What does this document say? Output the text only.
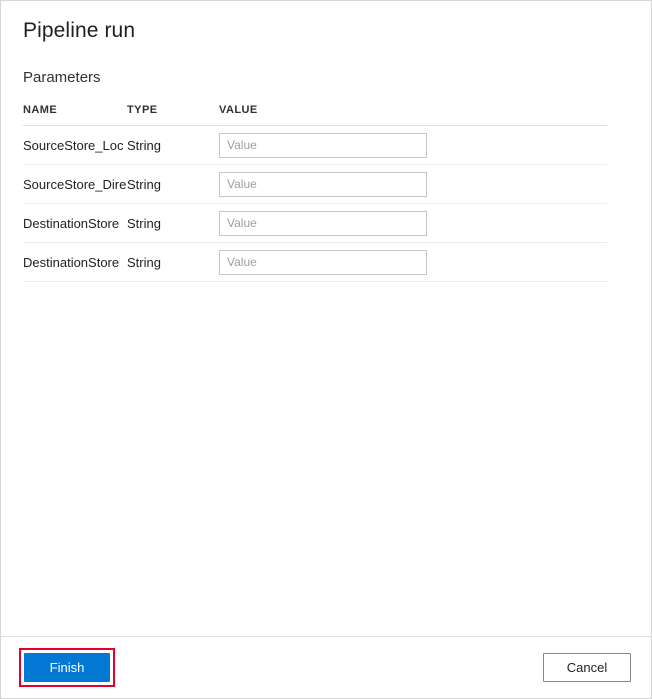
Pipeline run
Parameters
NAME	TYPE	VALUE
SourceStore_Loc	String	Value
SourceStore_Dire	String	Value
DestinationStore	String	Value
DestinationStore	String	Value
Finish	Cancel
